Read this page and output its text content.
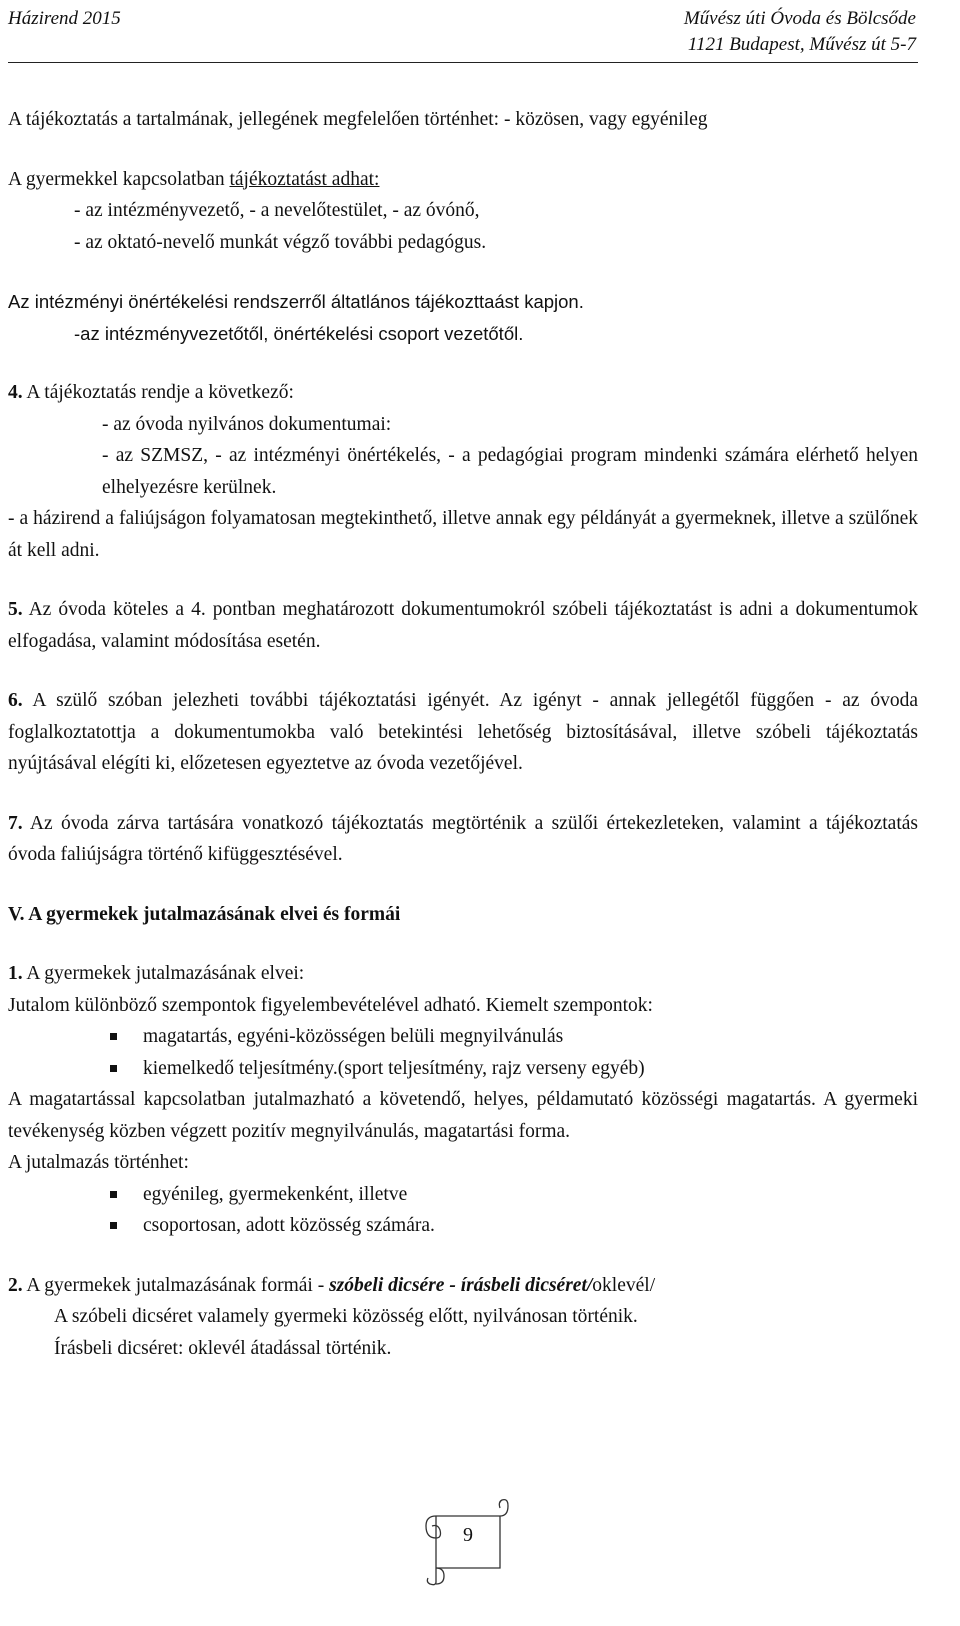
Házirend 2015	Művész úti Óvoda és Bölcsőde
1121 Budapest, Művész út 5-7

A tájékoztatás a tartalmának, jellegének megfelelően történhet: - közösen, vagy egyénileg

A gyermekkel kapcsolatban tájékoztatást adhat:

- az intézményvezető, - a nevelőtestület, - az óvónő,

- az oktató-nevelő munkát végző további pedagógus.

Az intézményi önértékelési rendszerről áltatlános tájékozttaást kapjon.

-az intézményvezetőtől, önértékelési csoport vezetőtől.

4. A tájékoztatás rendje a következő:

- az óvoda nyilvános dokumentumai:

- az SZMSZ, - az intézményi önértékelés, - a pedagógiai program mindenki számára elérhető helyen elhelyezésre kerülnek.

- a házirend a faliújságon folyamatosan megtekinthető, illetve annak egy példányát a gyermeknek, illetve a szülőnek át kell adni.

5. Az óvoda köteles a 4. pontban meghatározott dokumentumokról szóbeli tájékoztatást is adni a dokumentumok elfogadása, valamint módosítása esetén.

6. A szülő szóban jelezheti további tájékoztatási igényét. Az igényt - annak jellegétől függően - az óvoda foglalkoztatottja a dokumentumokba való betekintési lehetőség biztosításával, illetve szóbeli tájékoztatás nyújtásával elégíti ki, előzetesen egyeztetve az óvoda vezetőjével.

7. Az óvoda zárva tartására vonatkozó tájékoztatás megtörténik a szülői értekezleteken, valamint a tájékoztatás óvoda faliújságra történő kifüggesztésével.

V. A gyermekek jutalmazásának elvei és formái

1. A gyermekek jutalmazásának elvei:

Jutalom különböző szempontok figyelembevételével adható. Kiemelt szempontok:

magatartás, egyéni-közösségen belüli megnyilvánulás

kiemelkedő teljesítmény.(sport teljesítmény, rajz verseny egyéb)

A magatartással kapcsolatban jutalmazható a követendő, helyes, példamutató közösségi magatartás. A gyermeki tevékenység közben végzett pozitív megnyilvánulás, magatartási forma.

A jutalmazás történhet:

egyénileg, gyermekenként, illetve

csoportosan, adott közösség számára.

2. A gyermekek jutalmazásának formái - szóbeli dicsére - írásbeli dicséret/oklevél/

A szóbeli dicséret valamely gyermeki közösség előtt, nyilvánosan történik.

Írásbeli dicséret: oklevél átadással történik.

9
